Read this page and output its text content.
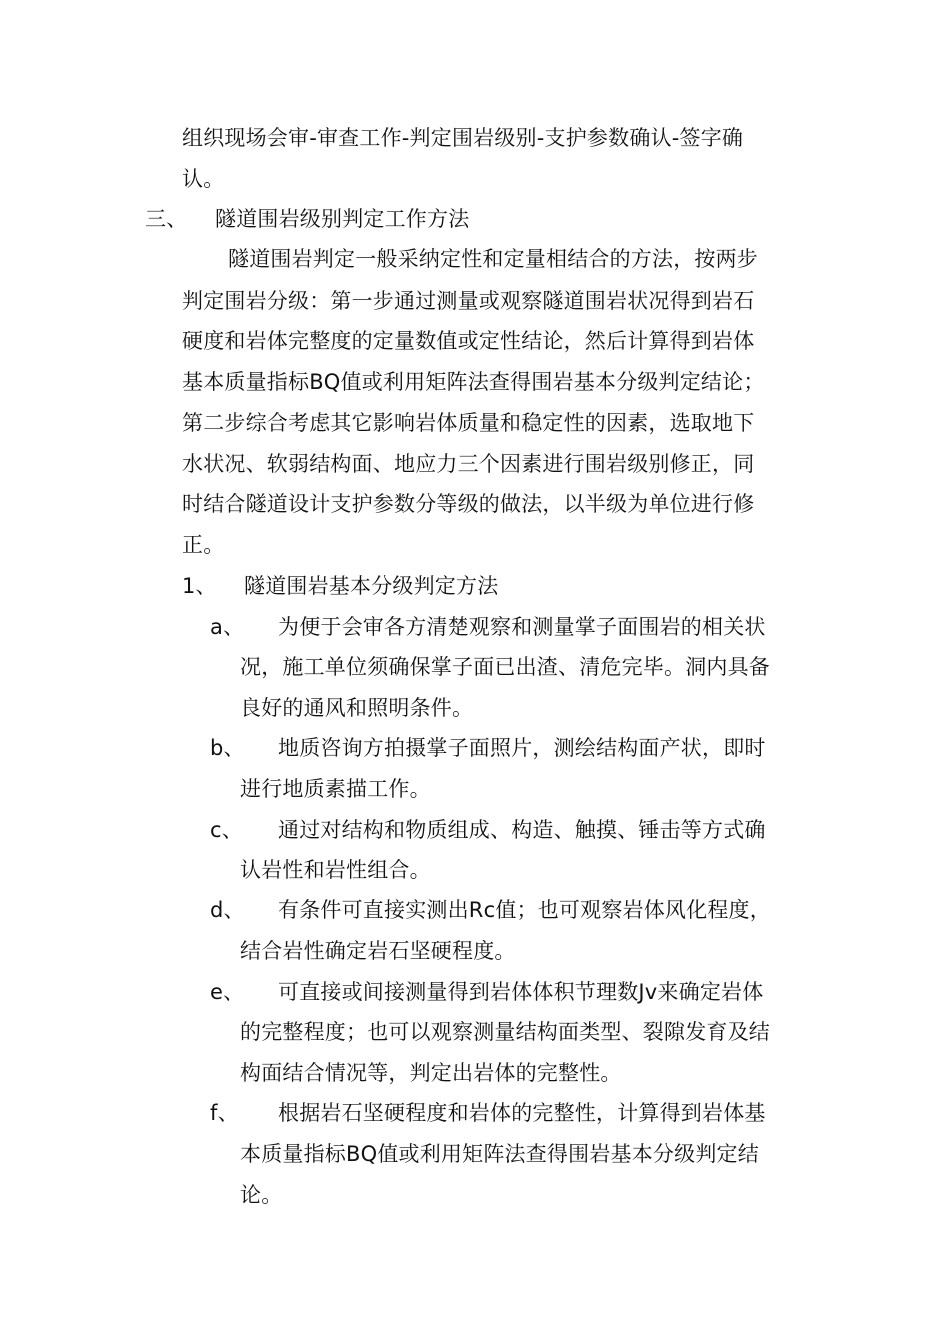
组织现场会审-审查工作-判定围岩级别-支护参数确认-签字确
认。
三、 隧道围岩级别判定工作方法
隧道围岩判定一般采纳定性和定量相结合的方法，按两步
判定围岩分级：第一步通过测量或观察隧道围岩状况得到岩石
硬度和岩体完整度的定量数值或定性结论，然后计算得到岩体
基本质量指标BQ值或利用矩阵法查得围岩基本分级判定结论；
第二步综合考虑其它影响岩体质量和稳定性的因素，选取地下
水状况、软弱结构面、地应力三个因素进行围岩级别修正，同
时结合隧道设计支护参数分等级的做法，以半级为单位进行修
正。
1、 隧道围岩基本分级判定方法
a、 为便于会审各方清楚观察和测量掌子面围岩的相关状
况，施工单位须确保掌子面已出渣、清危完毕。洞内具备
良好的通风和照明条件。
b、 地质咨询方拍摄掌子面照片，测绘结构面产状，即时
进行地质素描工作。
c、 通过对结构和物质组成、构造、触摸、锤击等方式确
认岩性和岩性组合。
d、 有条件可直接实测出Rc值；也可观察岩体风化程度，
结合岩性确定岩石坚硬程度。
e、 可直接或间接测量得到岩体体积节理数Jv来确定岩体
的完整程度；也可以观察测量结构面类型、裂隙发育及结
构面结合情况等，判定出岩体的完整性。
f、 根据岩石坚硬程度和岩体的完整性，计算得到岩体基
本质量指标BQ值或利用矩阵法查得围岩基本分级判定结
论。
